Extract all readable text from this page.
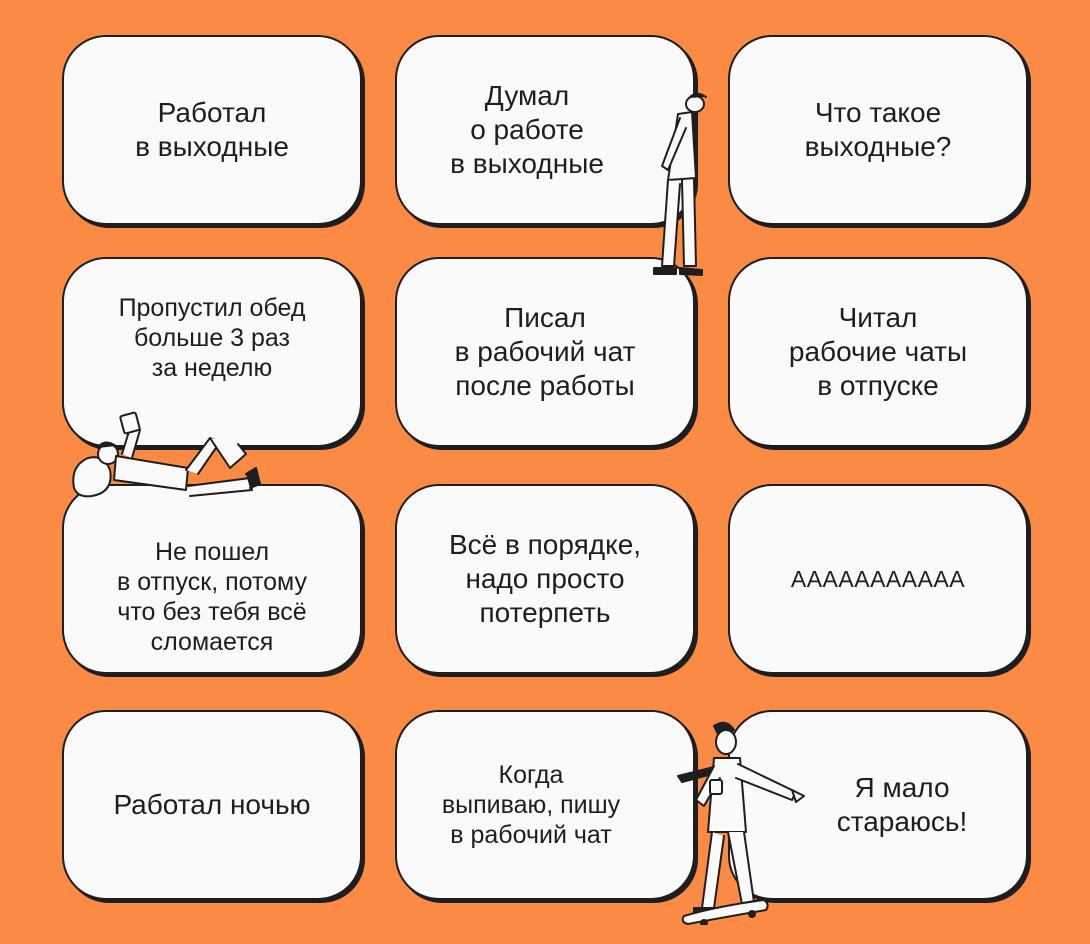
Работал
в выходные
Думал
о работе
в выходные
Что такое
выходные?
Пропустил обед
больше 3 раз
за неделю
Писал
в рабочий чат
после работы
Читал
рабочие чаты
в отпуске
Не пошел
в отпуск, потому
что без тебя всё
сломается
Всё в порядке,
надо просто
потерпеть
ААААААААААА
Работал ночью
Когда
выпиваю, пишу
в рабочий чат
Я мало
стараюсь!
